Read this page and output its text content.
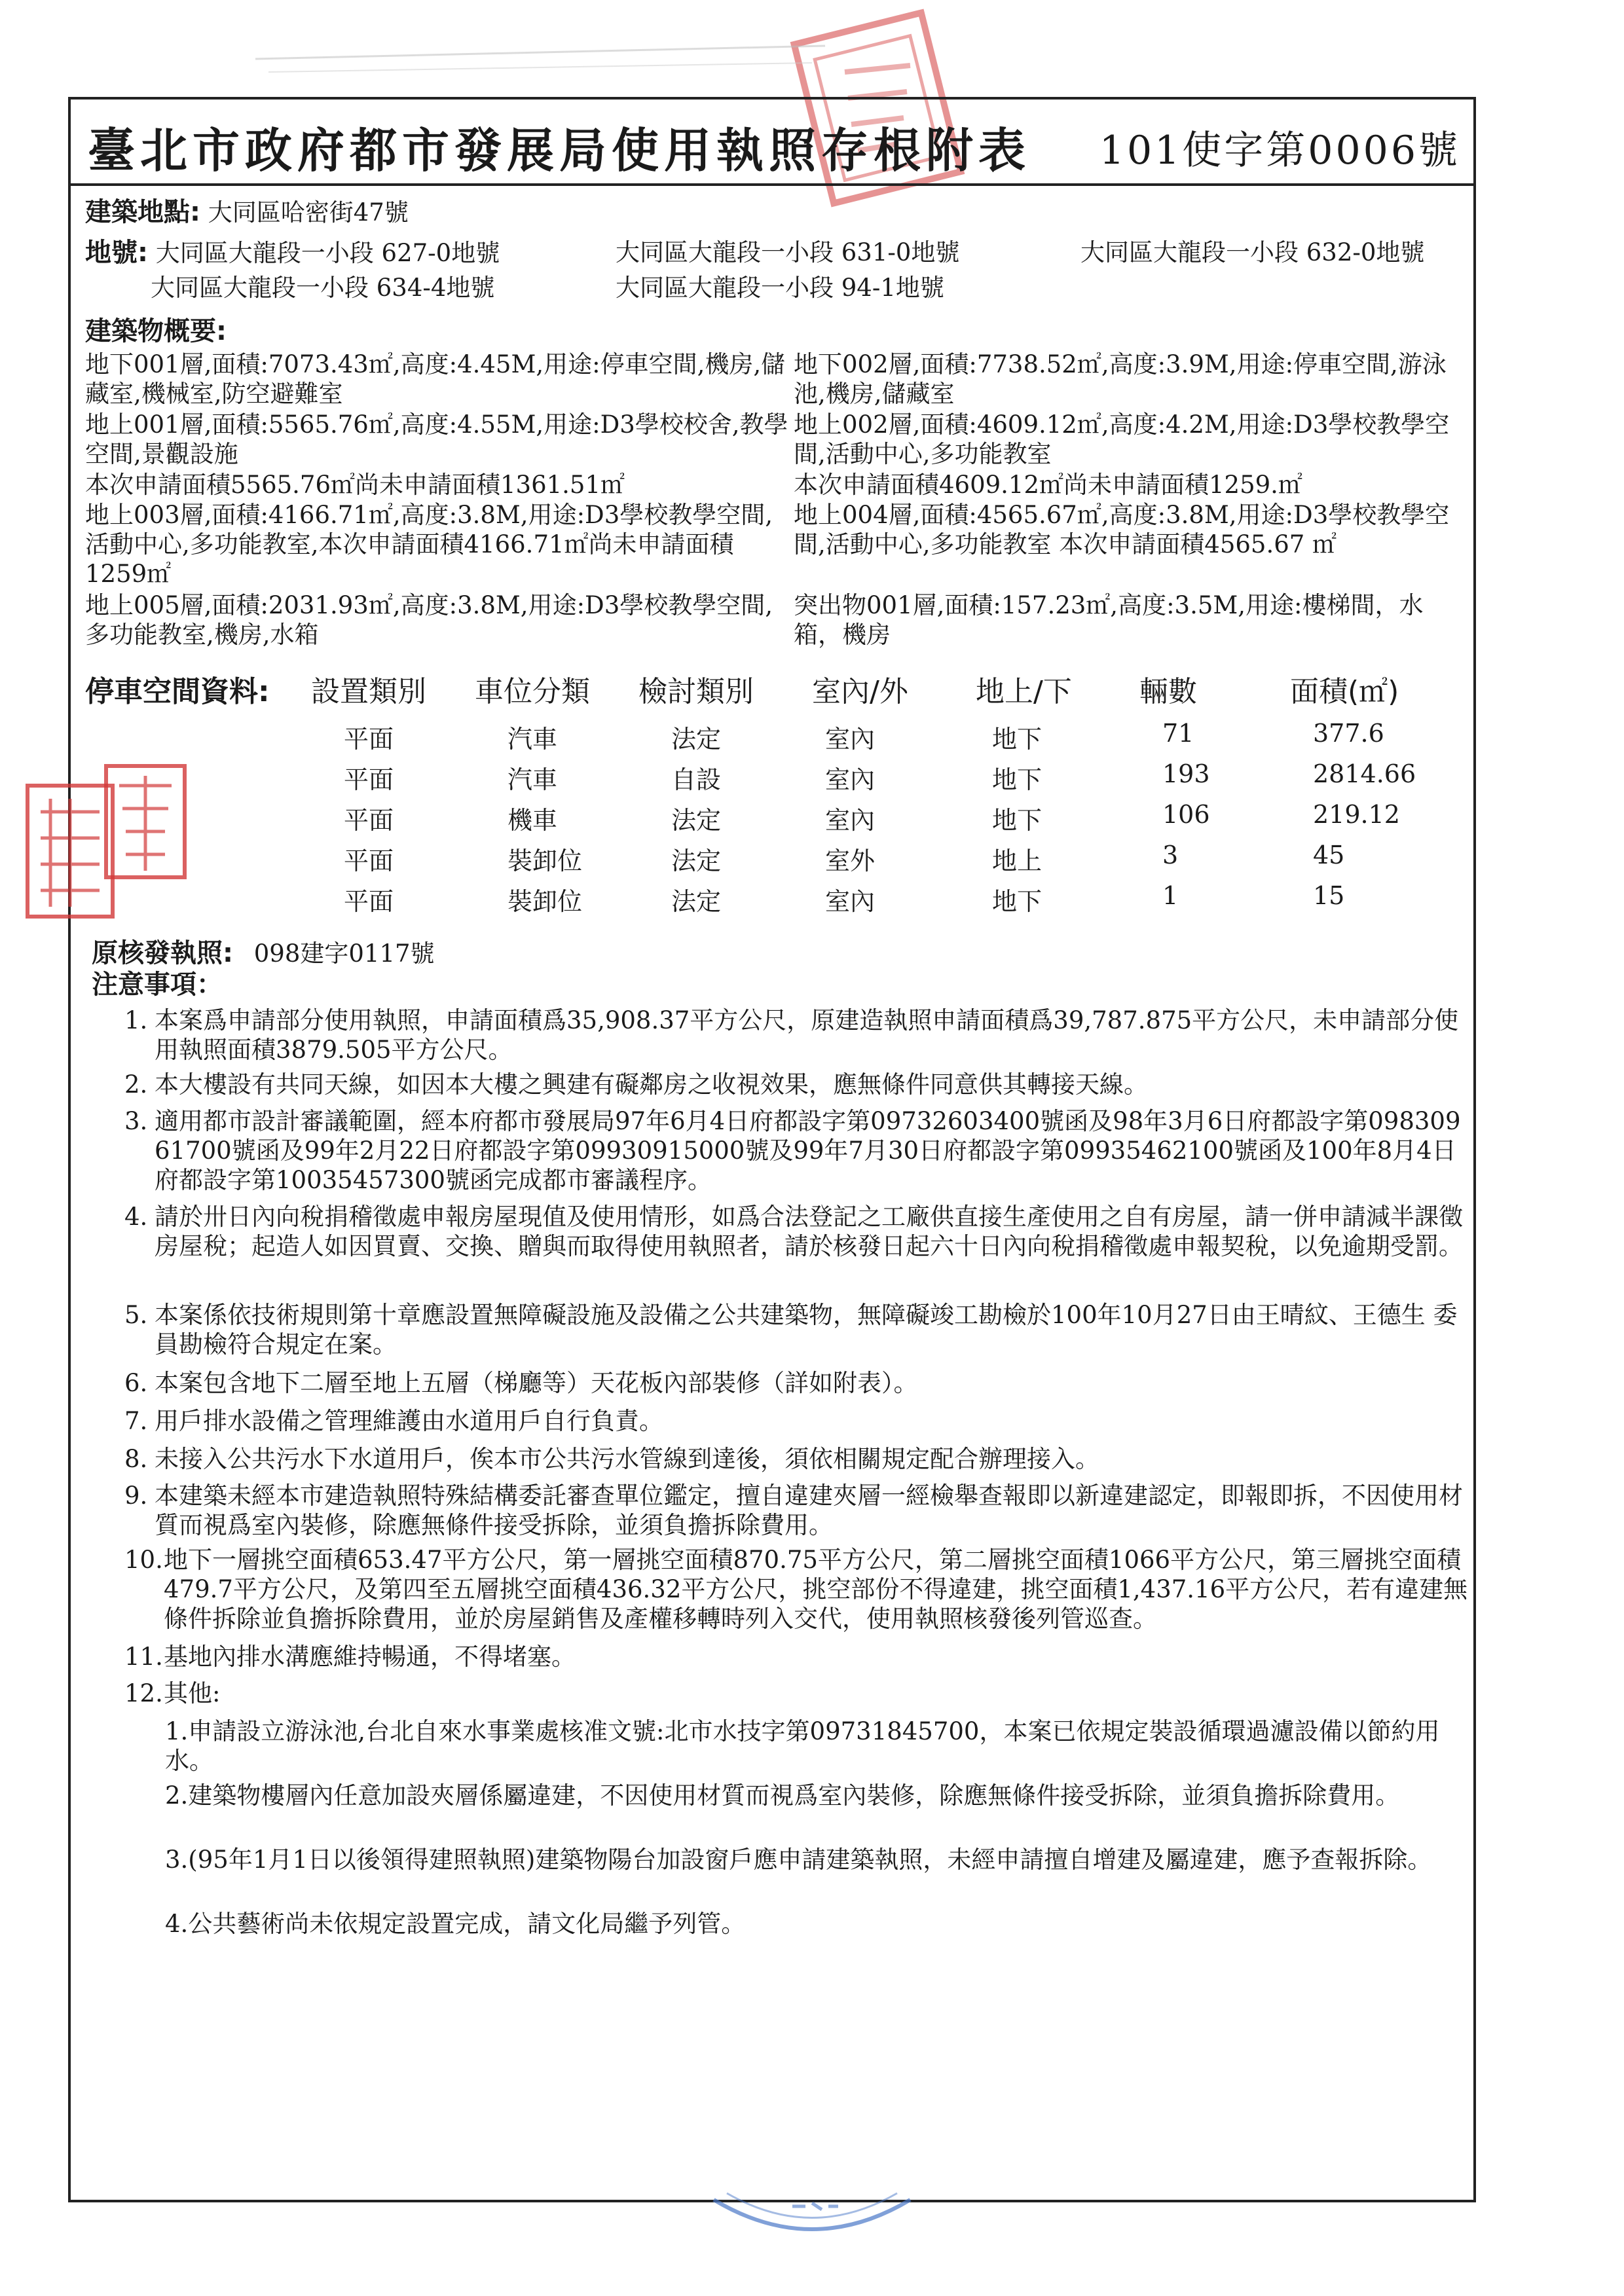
臺北市政府都市發展局使用執照存根附表 101使字第0006號
建築地點: 大同區哈密街47號
地號: 大同區大龍段一小段 627-0地號	大同區大龍段一小段 631-0地號	大同區大龍段一小段 632-0地號
大同區大龍段一小段 634-4地號	大同區大龍段一小段 94-1地號
建築物概要:
地下001層,面積:7073.43㎡,高度:4.45M,用途:停車空間,機房,儲藏室,機械室,防空避難室
地下002層,面積:7738.52㎡,高度:3.9M,用途:停車空間,游泳池,機房,儲藏室
地上001層,面積:5565.76㎡,高度:4.55M,用途:D3學校校舍,教學空間,景觀設施
地上002層,面積:4609.12㎡,高度:4.2M,用途:D3學校教學空間,活動中心,多功能教室
本次申請面積5565.76㎡尚未申請面積1361.51㎡	本次申請面積4609.12㎡尚未申請面積1259.㎡
地上003層,面積:4166.71㎡,高度:3.8M,用途:D3學校教學空間,活動中心,多功能教室,本次申請面積4166.71㎡尚未申請面積1259㎡
地上004層,面積:4565.67㎡,高度:3.8M,用途:D3學校教學空間,活動中心,多功能教室 本次申請面積4565.67 ㎡
地上005層,面積:2031.93㎡,高度:3.8M,用途:D3學校教學空間,多功能教室,機房,水箱
突出物001層,面積:157.23㎡,高度:3.5M,用途:樓梯間，水箱，機房
停車空間資料: 設置類別 車位分類 檢討類別 室內/外 地上/下 輛數	面積(㎡)
平面	汽車	法定	室內	地下	71	377.6
平面	汽車	自設	室內	地下	193	2814.66
平面	機車	法定	室內	地下	106	219.12
平面	裝卸位	法定	室外	地上	3	45
平面	裝卸位	法定	室內	地下	1	15
原核發執照: 098建字0117號
注意事項：
1. 本案爲申請部分使用執照，申請面積爲35,908.37平方公尺，原建造執照申請面積爲39,787.875平方公尺，未申請部分使用執照面積3879.505平方公尺。
2. 本大樓設有共同天線，如因本大樓之興建有礙鄰房之收視效果，應無條件同意供其轉接天線。
3. 適用都市設計審議範圍，經本府都市發展局97年6月4日府都設字第09732603400號函及98年3月6日府都設字第09830961700號函及99年2月22日府都設字第09930915000號及99年7月30日府都設字第09935462100號函及100年8月4日府都設字第10035457300號函完成都市審議程序。
4. 請於卅日內向稅捐稽徵處申報房屋現值及使用情形，如爲合法登記之工廠供直接生產使用之自有房屋，請一併申請減半課徵房屋稅；起造人如因買賣、交換、贈與而取得使用執照者，請於核發日起六十日內向稅捐稽徵處申報契稅，以免逾期受罰。
5. 本案係依技術規則第十章應設置無障礙設施及設備之公共建築物，無障礙竣工勘檢於100年10月27日由王晴紋、王德生 委員勘檢符合規定在案。
6. 本案包含地下二層至地上五層（梯廳等）天花板內部裝修（詳如附表）。
7. 用戶排水設備之管理維護由水道用戶自行負責。
8. 未接入公共污水下水道用戶，俟本市公共污水管線到達後，須依相關規定配合辦理接入。
9. 本建築未經本市建造執照特殊結構委託審查單位鑑定，擅自違建夾層一經檢舉查報即以新違建認定，即報即拆，不因使用材質而視爲室內裝修，除應無條件接受拆除，並須負擔拆除費用。
10. 地下一層挑空面積653.47平方公尺，第一層挑空面積870.75平方公尺，第二層挑空面積1066平方公尺，第三層挑空面積479.7平方公尺，及第四至五層挑空面積436.32平方公尺，挑空部份不得違建，挑空面積1,437.16平方公尺，若有違建無條件拆除並負擔拆除費用，並於房屋銷售及產權移轉時列入交代，使用執照核發後列管巡查。
11. 基地內排水溝應維持暢通，不得堵塞。
12. 其他:
1.申請設立游泳池,台北自來水事業處核准文號:北市水技字第09731845700，本案已依規定裝設循環過濾設備以節約用水。
2.建築物樓層內任意加設夾層係屬違建，不因使用材質而視爲室內裝修，除應無條件接受拆除，並須負擔拆除費用。
3.(95年1月1日以後領得建照執照)建築物陽台加設窗戶應申請建築執照，未經申請擅自增建及屬違建，應予查報拆除。
4.公共藝術尚未依規定設置完成，請文化局繼予列管。
